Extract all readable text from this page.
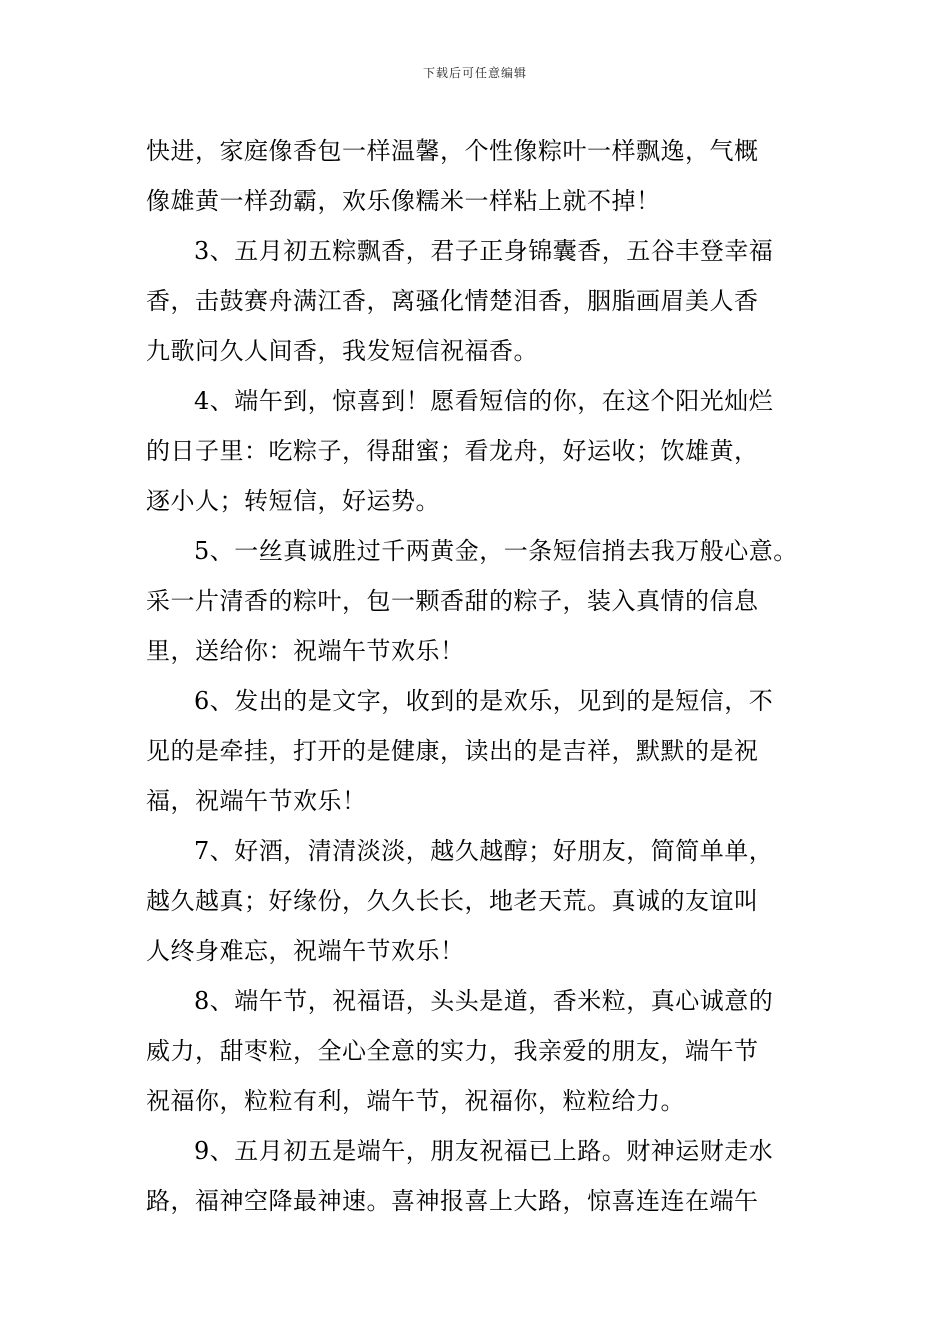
下载后可任意编辑
快进，家庭像香包一样温馨，个性像粽叶一样飘逸，气概
像雄黄一样劲霸，欢乐像糯米一样粘上就不掉！
3、五月初五粽飘香，君子正身锦囊香，五谷丰登幸福
香，击鼓赛舟满江香，离骚化情楚泪香，胭脂画眉美人香
九歌问久人间香，我发短信祝福香。
4、端午到，惊喜到！愿看短信的你，在这个阳光灿烂
的日子里：吃粽子，得甜蜜；看龙舟，好运收；饮雄黄，
逐小人；转短信，好运势。
5、一丝真诚胜过千两黄金，一条短信捎去我万般心意。
采一片清香的粽叶，包一颗香甜的粽子，装入真情的信息
里，送给你：祝端午节欢乐！
6、发出的是文字，收到的是欢乐，见到的是短信，不
见的是牵挂，打开的是健康，读出的是吉祥，默默的是祝
福，祝端午节欢乐！
7、好酒，清清淡淡，越久越醇；好朋友，简简单单，
越久越真；好缘份，久久长长，地老天荒。真诚的友谊叫
人终身难忘，祝端午节欢乐！
8、端午节，祝福语，头头是道，香米粒，真心诚意的
威力，甜枣粒，全心全意的实力，我亲爱的朋友，端午节
祝福你，粒粒有利，端午节，祝福你，粒粒给力。
9、五月初五是端午，朋友祝福已上路。财神运财走水
路，福神空降最神速。喜神报喜上大路，惊喜连连在端午
